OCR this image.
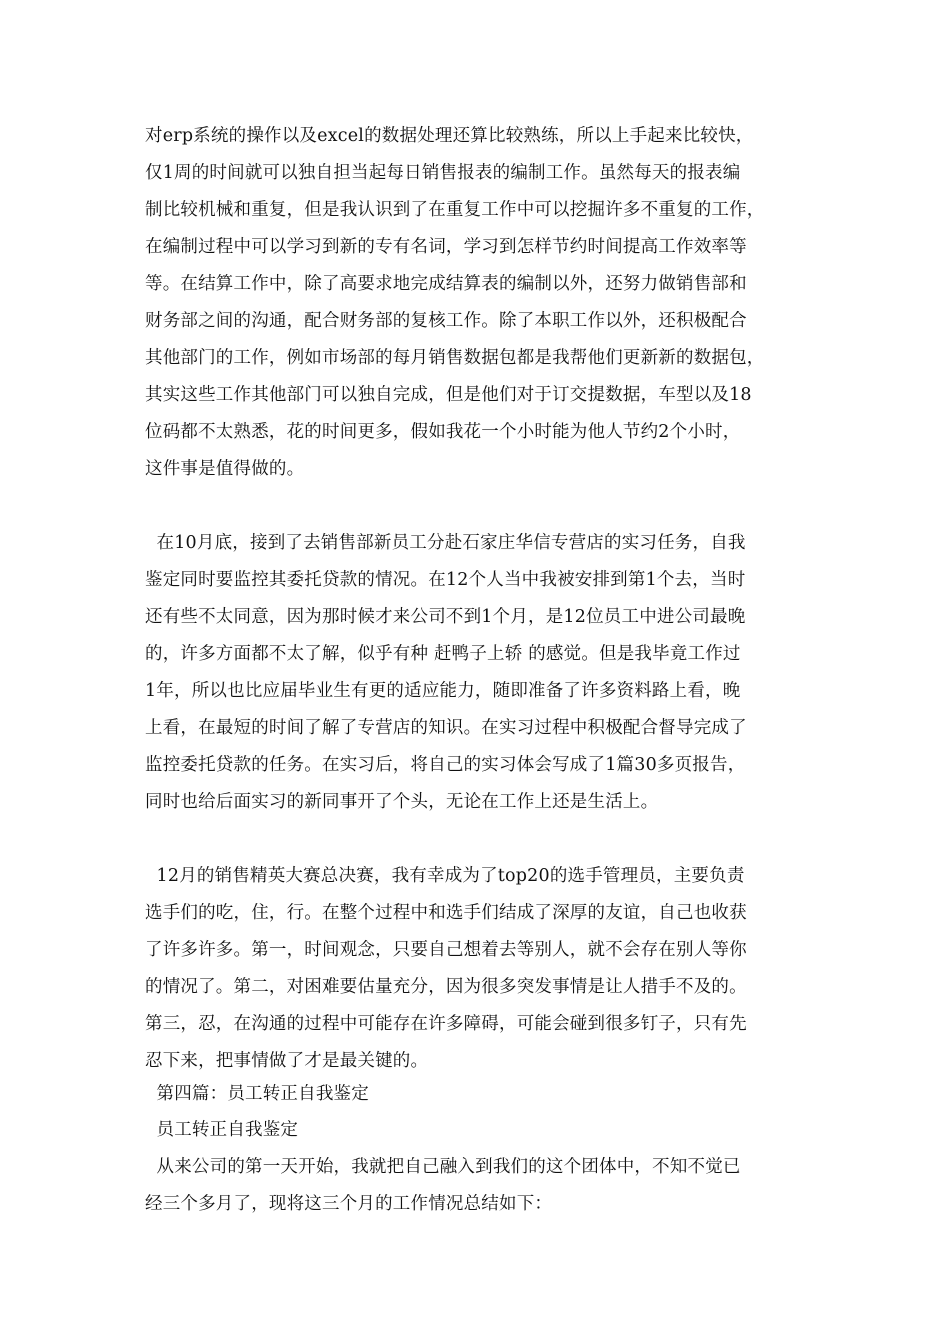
对erp系统的操作以及excel的数据处理还算比较熟练，所以上手起来比较快，
仅1周的时间就可以独自担当起每日销售报表的编制工作。虽然每天的报表编
制比较机械和重复，但是我认识到了在重复工作中可以挖掘许多不重复的工作，
在编制过程中可以学习到新的专有名词，学习到怎样节约时间提高工作效率等
等。在结算工作中，除了高要求地完成结算表的编制以外，还努力做销售部和
财务部之间的沟通，配合财务部的复核工作。除了本职工作以外，还积极配合
其他部门的工作，例如市场部的每月销售数据包都是我帮他们更新新的数据包，
其实这些工作其他部门可以独自完成，但是他们对于订交提数据，车型以及18
位码都不太熟悉，花的时间更多，假如我花一个小时能为他人节约2个小时，
这件事是值得做的。
在10月底，接到了去销售部新员工分赴石家庄华信专营店的实习任务，自我
鉴定同时要监控其委托贷款的情况。在12个人当中我被安排到第1个去，当时
还有些不太同意，因为那时候才来公司不到1个月，是12位员工中进公司最晚
的，许多方面都不太了解，似乎有种 赶鸭子上轿 的感觉。但是我毕竟工作过
1年，所以也比应届毕业生有更的适应能力，随即准备了许多资料路上看，晚
上看，在最短的时间了解了专营店的知识。在实习过程中积极配合督导完成了
监控委托贷款的任务。在实习后，将自己的实习体会写成了1篇30多页报告，
同时也给后面实习的新同事开了个头，无论在工作上还是生活上。
12月的销售精英大赛总决赛，我有幸成为了top20的选手管理员，主要负责
选手们的吃，住，行。在整个过程中和选手们结成了深厚的友谊，自己也收获
了许多许多。第一，时间观念，只要自己想着去等别人，就不会存在别人等你
的情况了。第二，对困难要估量充分，因为很多突发事情是让人措手不及的。
第三，忍，在沟通的过程中可能存在许多障碍，可能会碰到很多钉子，只有先
忍下来，把事情做了才是最关键的。
第四篇：员工转正自我鉴定
员工转正自我鉴定
从来公司的第一天开始，我就把自己融入到我们的这个团体中，不知不觉已
经三个多月了，现将这三个月的工作情况总结如下：
